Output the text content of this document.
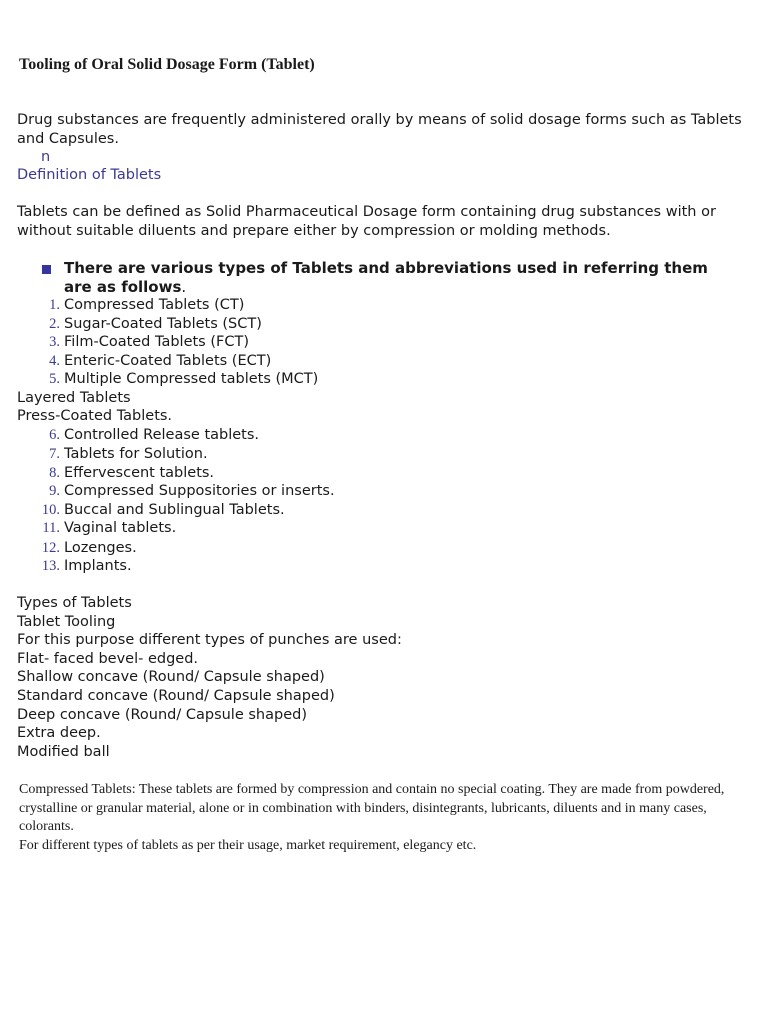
Tooling of Oral Solid Dosage Form (Tablet)
Drug substances are frequently administered orally by means of solid dosage forms such as Tablets and Capsules.
n
Definition of Tablets
Tablets can be defined as Solid Pharmaceutical Dosage form containing drug substances with or without suitable diluents and prepare either by compression or molding methods.
There are various types of Tablets and abbreviations used in referring them are as follows.
1. Compressed Tablets (CT)
2. Sugar-Coated Tablets (SCT)
3. Film-Coated Tablets (FCT)
4. Enteric-Coated Tablets (ECT)
5. Multiple Compressed tablets (MCT)
Layered Tablets
Press-Coated Tablets.
6. Controlled Release tablets.
7. Tablets for Solution.
8. Effervescent tablets.
9. Compressed Suppositories or inserts.
10. Buccal and Sublingual Tablets.
11. Vaginal tablets.
12. Lozenges.
13. Implants.
Types of Tablets
Tablet Tooling
For this purpose different types of punches are used:
Flat- faced bevel- edged.
Shallow concave (Round/ Capsule shaped)
Standard concave (Round/ Capsule shaped)
Deep concave (Round/ Capsule shaped)
Extra deep.
Modified ball
Compressed Tablets: These tablets are formed by compression and contain no special coating. They are made from powdered, crystalline or granular material, alone or in combination with binders, disintegrants, lubricants, diluents and in many cases, colorants.
For different types of tablets as per their usage, market requirement, elegancy etc.
